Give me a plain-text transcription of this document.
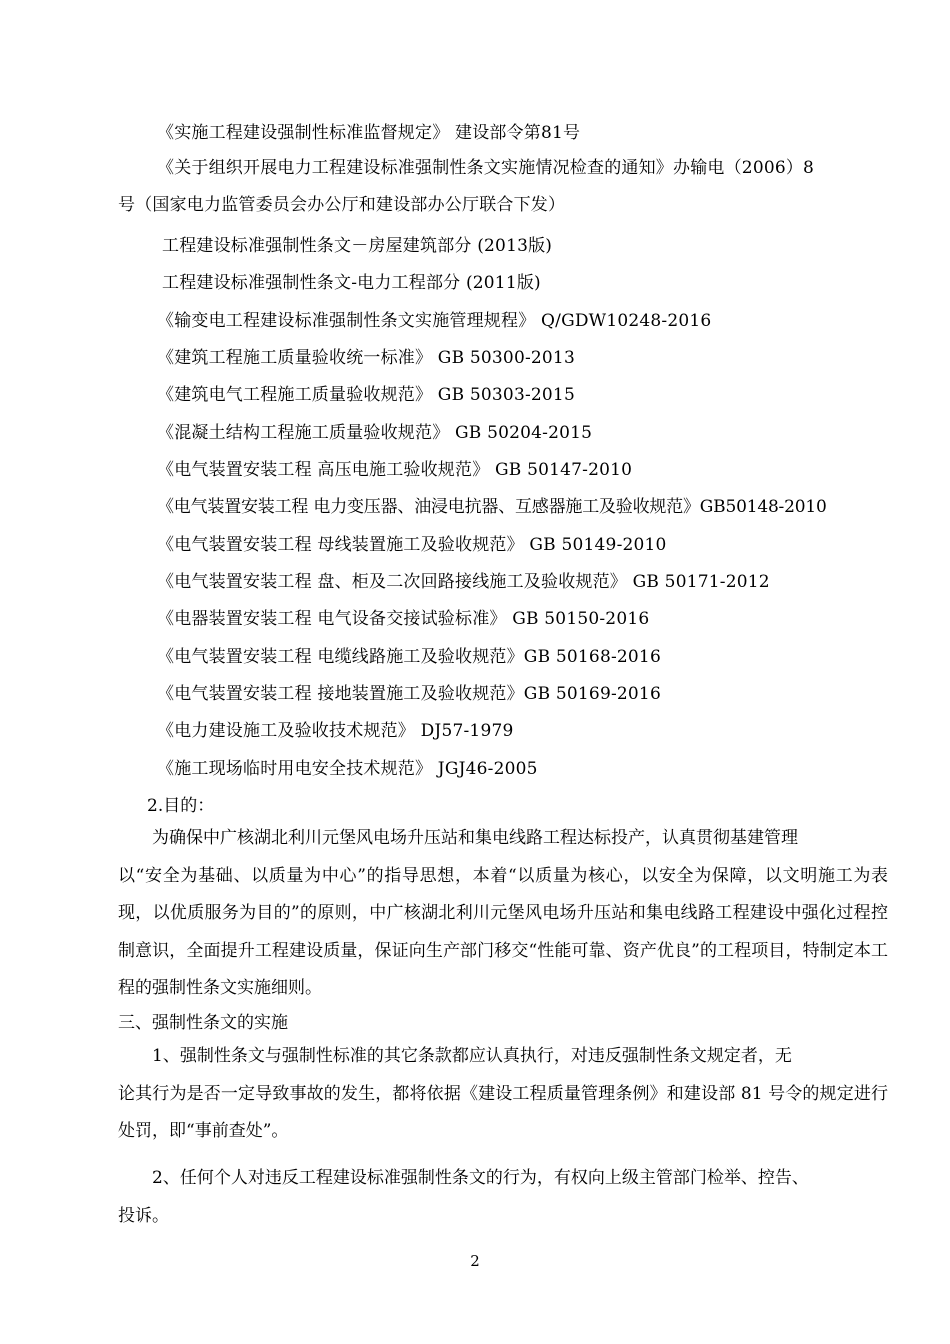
《实施工程建设强制性标准监督规定》 建设部令第81号
《关于组织开展电力工程建设标准强制性条文实施情况检查的通知》办输电（2006）8
号（国家电力监管委员会办公厅和建设部办公厅联合下发）
工程建设标准强制性条文－房屋建筑部分 (2013版)
工程建设标准强制性条文-电力工程部分 (2011版)
《输变电工程建设标准强制性条文实施管理规程》 Q/GDW10248-2016
《建筑工程施工质量验收统一标准》 GB 50300-2013
《建筑电气工程施工质量验收规范》 GB 50303-2015
《混凝土结构工程施工质量验收规范》 GB 50204-2015
《电气装置安装工程 高压电施工验收规范》 GB 50147-2010
《电气装置安装工程 电力变压器、油浸电抗器、互感器施工及验收规范》GB50148-2010
《电气装置安装工程 母线装置施工及验收规范》 GB 50149-2010
《电气装置安装工程 盘、柜及二次回路接线施工及验收规范》 GB 50171-2012
《电器装置安装工程 电气设备交接试验标准》 GB 50150-2016
《电气装置安装工程 电缆线路施工及验收规范》GB 50168-2016
《电气装置安装工程 接地装置施工及验收规范》GB 50169-2016
《电力建设施工及验收技术规范》 DJ57-1979
《施工现场临时用电安全技术规范》 JGJ46-2005
2.目的：
为确保中广核湖北利川元堡风电场升压站和集电线路工程达标投产，认真贯彻基建管理
以“安全为基础、以质量为中心”的指导思想，本着“以质量为核心，以安全为保障，以文明施工为表现，以优质服务为目的”的原则，中广核湖北利川元堡风电场升压站和集电线路工程建设中强化过程控制意识，全面提升工程建设质量，保证向生产部门移交“性能可靠、资产优良”的工程项目，特制定本工程的强制性条文实施细则。
三、强制性条文的实施
1、强制性条文与强制性标准的其它条款都应认真执行，对违反强制性条文规定者，无
论其行为是否一定导致事故的发生，都将依据《建设工程质量管理条例》和建设部 81 号令的规定进行处罚，即“事前查处”。
2、任何个人对违反工程建设标准强制性条文的行为，有权向上级主管部门检举、控告、
投诉。
2
